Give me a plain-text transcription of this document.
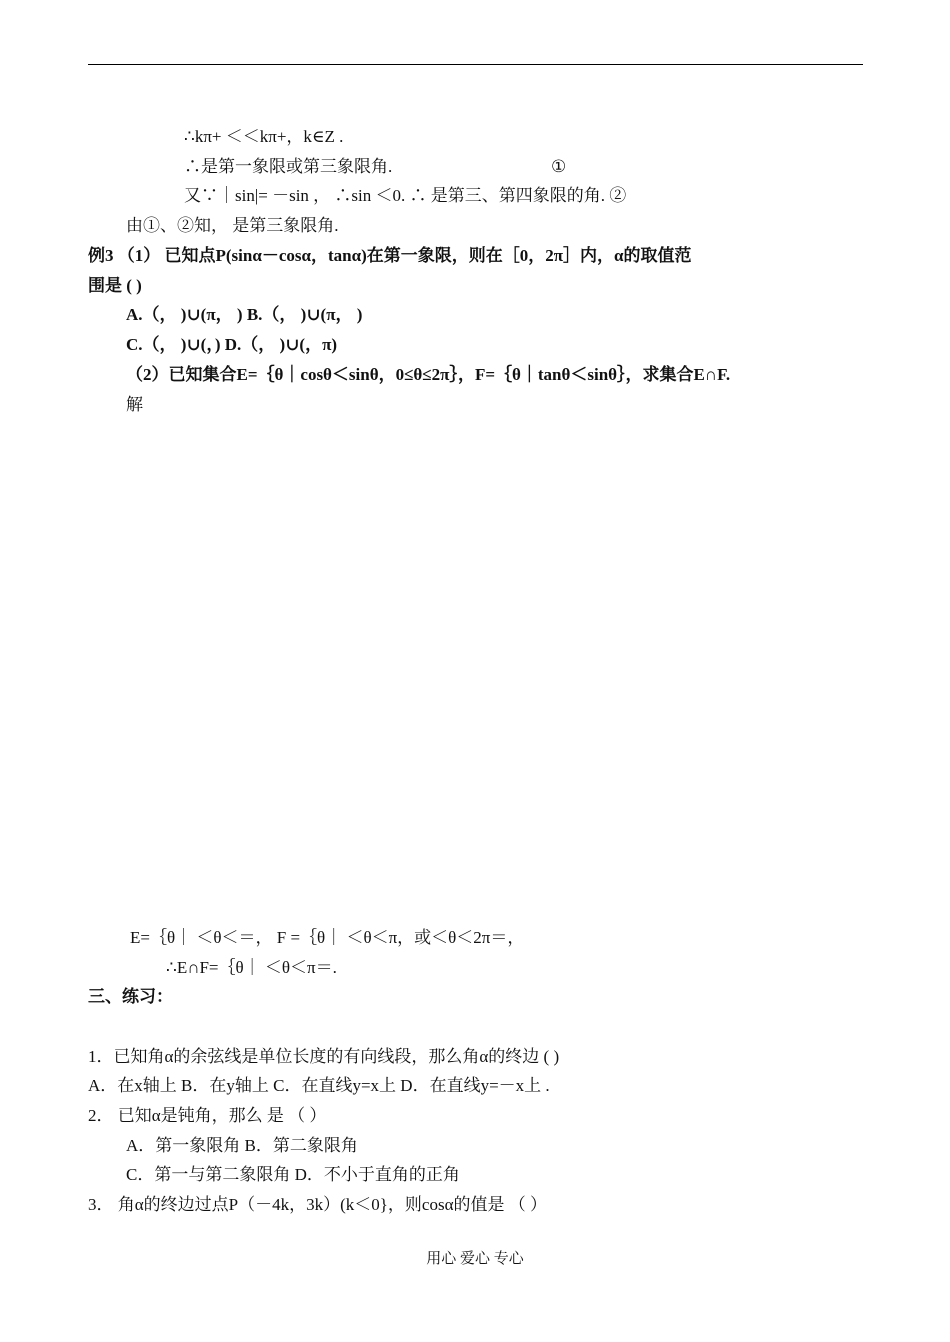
∴kπ+ ＜＜kπ+，k∈Z .
∴是第一象限或第三象限角.	①
又∵｜sin|= －sin ， ∴sin ＜0. ∴ 是第三、第四象限的角. ②
由①、②知， 是第三象限角.
例3 （1） 已知点P(sinα－cosα，tanα)在第一象限，则在［0，2π］内，α的取值范
围是 ( )
A.（， )∪(π， ) B.（， )∪(π， )
C.（， )∪(，) D.（， )∪(，π)
（2）已知集合E=｛θ｜cosθ＜sinθ，0≤θ≤2π｝，F=｛θ｜tanθ＜sinθ｝，求集合E∩F.
解
E=｛θ｜ ＜θ＜＝， F =｛θ｜ ＜θ＜π，或＜θ＜2π＝，
∴E∩F=｛θ｜ ＜θ＜π＝.
三、练习：
1．已知角α的余弦线是单位长度的有向线段，那么角α的终边 ( )
A．在x轴上 B．在y轴上 C．在直线y=x上 D．在直线y=－x上 .
2． 已知α是钝角，那么 是 （ ）
A．第一象限角 B．第二象限角
C．第一与第二象限角 D．不小于直角的正角
3． 角α的终边过点P（－4k，3k）(k＜0}，则cosα的值是 （ ）
用心 爱心 专心
